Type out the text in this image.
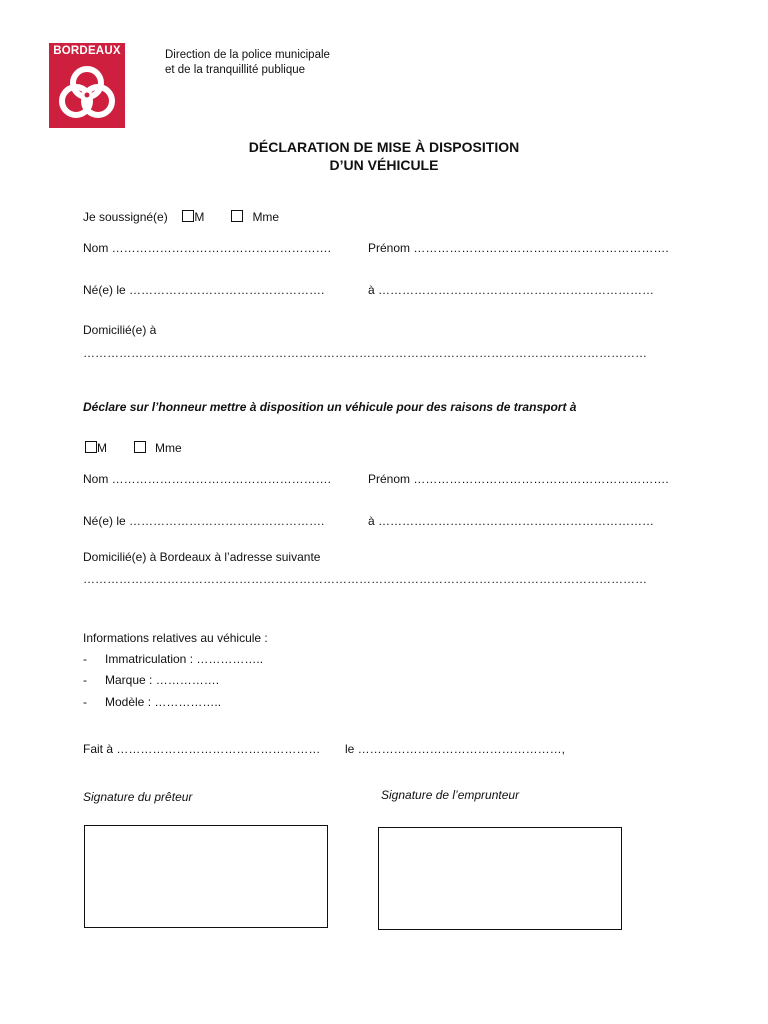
BORDEAUX	Direction de la police municipale
et de la tranquillité publique
DÉCLARATION DE MISE À DISPOSITION
D’UN VÉHICULE
Je soussigné(e) M	Mme
Nom ……………………………………………….	Prénom ……………………………………………………….
Né(e) le ………………………………………….	à ……………………………………………………………
Domicilié(e) à
……………………………………………………………………………………………………………………………
Déclare sur l’honneur mettre à disposition un véhicule pour des raisons de transport à
M	Mme
Nom ……………………………………………….	Prénom ……………………………………………………….
Né(e) le ………………………………………….	à ……………………………………………………………
Domicilié(e) à Bordeaux à l’adresse suivante
……………………………………………………………………………………………………………………………
Informations relatives au véhicule :
- Immatriculation : ……………..
- Marque : …………….
- Modèle : ……………..
Fait à …………………………………………… le ……………………………………………,
Signature du prêteur	Signature de l’emprunteur
